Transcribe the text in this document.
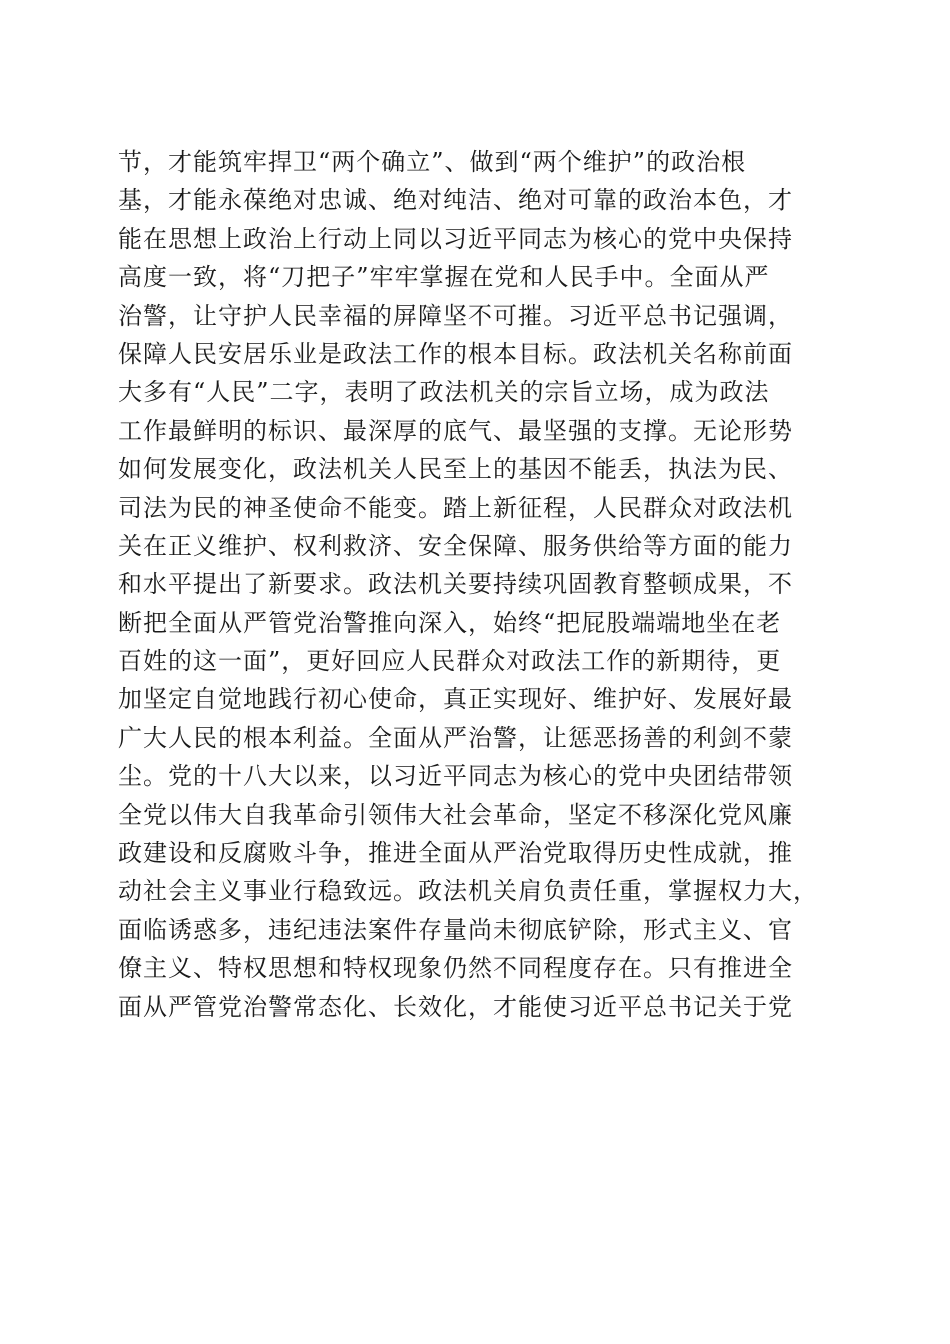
节，才能筑牢捍卫“两个确立”、做到“两个维护”的政治根
基，才能永葆绝对忠诚、绝对纯洁、绝对可靠的政治本色，才
能在思想上政治上行动上同以习近平同志为核心的党中央保持
高度一致，将“刀把子”牢牢掌握在党和人民手中。全面从严
治警，让守护人民幸福的屏障坚不可摧。习近平总书记强调，
保障人民安居乐业是政法工作的根本目标。政法机关名称前面
大多有“人民”二字，表明了政法机关的宗旨立场，成为政法
工作最鲜明的标识、最深厚的底气、最坚强的支撑。无论形势
如何发展变化，政法机关人民至上的基因不能丢，执法为民、
司法为民的神圣使命不能变。踏上新征程，人民群众对政法机
关在正义维护、权利救济、安全保障、服务供给等方面的能力
和水平提出了新要求。政法机关要持续巩固教育整顿成果，不
断把全面从严管党治警推向深入，始终“把屁股端端地坐在老
百姓的这一面”，更好回应人民群众对政法工作的新期待，更
加坚定自觉地践行初心使命，真正实现好、维护好、发展好最
广大人民的根本利益。全面从严治警，让惩恶扬善的利剑不蒙
尘。党的十八大以来，以习近平同志为核心的党中央团结带领
全党以伟大自我革命引领伟大社会革命，坚定不移深化党风廉
政建设和反腐败斗争，推进全面从严治党取得历史性成就，推
动社会主义事业行稳致远。政法机关肩负责任重，掌握权力大，
面临诱惑多，违纪违法案件存量尚未彻底铲除，形式主义、官
僚主义、特权思想和特权现象仍然不同程度存在。只有推进全
面从严管党治警常态化、长效化，才能使习近平总书记关于党
